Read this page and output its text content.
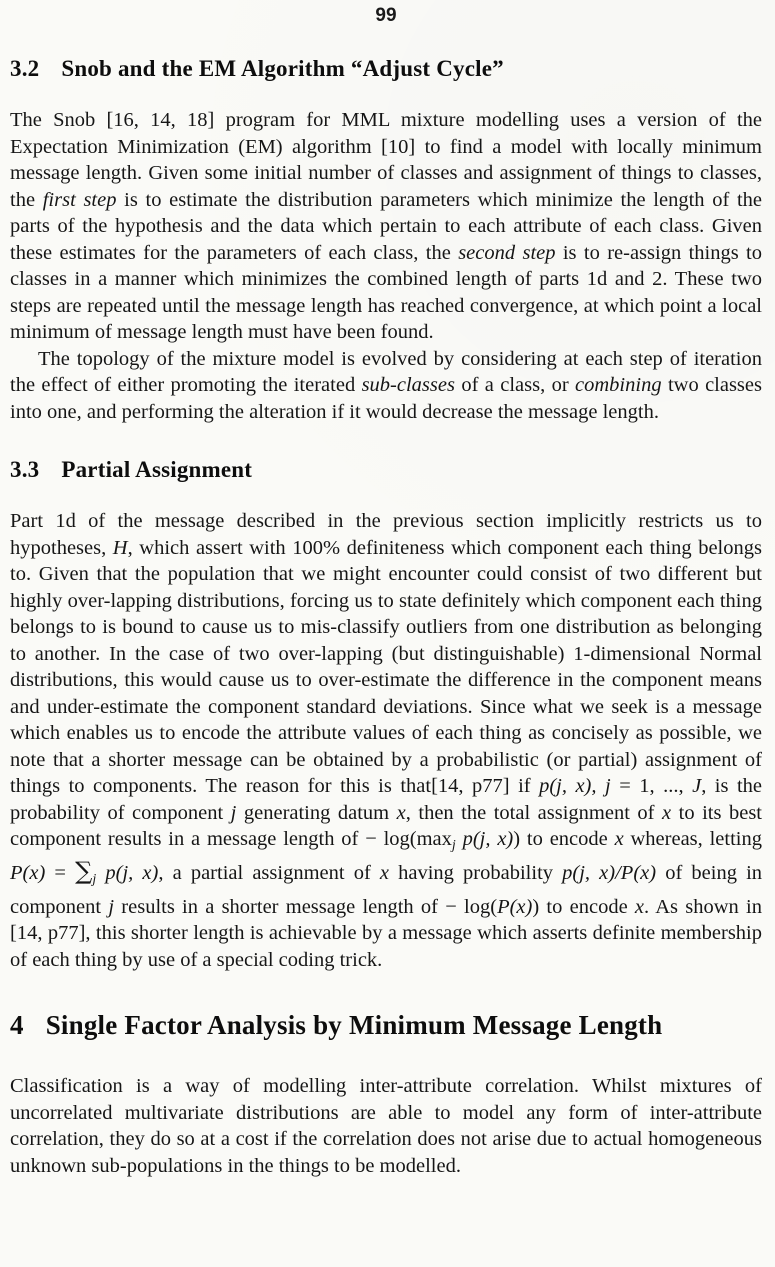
99
3.2 Snob and the EM Algorithm “Adjust Cycle”

The Snob [16, 14, 18] program for MML mixture modelling uses a version of the Expectation Minimization (EM) algorithm [10] to find a model with locally minimum message length. Given some initial number of classes and assignment of things to classes, the first step is to estimate the distribution parameters which minimize the length of the parts of the hypothesis and the data which pertain to each attribute of each class. Given these estimates for the parameters of each class, the second step is to re-assign things to classes in a manner which minimizes the combined length of parts 1d and 2. These two steps are repeated until the message length has reached convergence, at which point a local minimum of message length must have been found.

The topology of the mixture model is evolved by considering at each step of iteration the effect of either promoting the iterated sub-classes of a class, or combining two classes into one, and performing the alteration if it would decrease the message length.

3.3 Partial Assignment

Part 1d of the message described in the previous section implicitly restricts us to hypotheses, H, which assert with 100% definiteness which component each thing belongs to. Given that the population that we might encounter could consist of two different but highly over-lapping distributions, forcing us to state definitely which component each thing belongs to is bound to cause us to mis-classify outliers from one distribution as belonging to another. In the case of two over-lapping (but distinguishable) 1-dimensional Normal distributions, this would cause us to over-estimate the difference in the component means and under-estimate the component standard deviations. Since what we seek is a message which enables us to encode the attribute values of each thing as concisely as possible, we note that a shorter message can be obtained by a probabilistic (or partial) assignment of things to components. The reason for this is that[14, p77] if p(j, x), j = 1, ..., J, is the probability of component j generating datum x, then the total assignment of x to its best component results in a message length of − log(maxj p(j, x)) to encode x whereas, letting P(x) = ∑j p(j, x), a partial assignment of x having probability p(j, x)/P(x) of being in component j results in a shorter message length of − log(P(x)) to encode x. As shown in [14, p77], this shorter length is achievable by a message which asserts definite membership of each thing by use of a special coding trick.

4 Single Factor Analysis by Minimum Message Length

Classification is a way of modelling inter-attribute correlation. Whilst mixtures of uncorrelated multivariate distributions are able to model any form of inter-attribute correlation, they do so at a cost if the correlation does not arise due to actual homogeneous unknown sub-populations in the things to be modelled.
